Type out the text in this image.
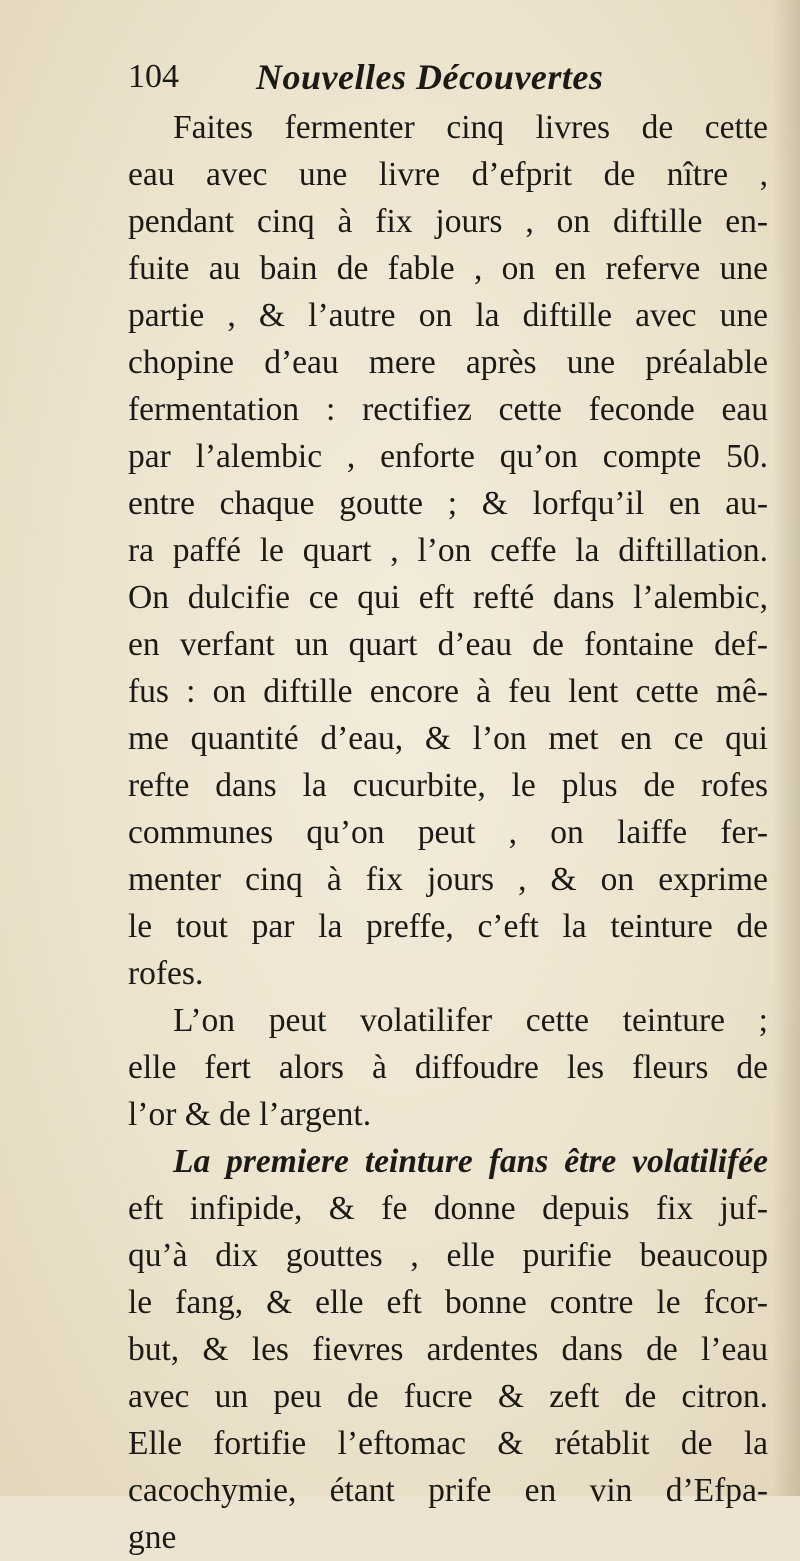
104 Nouvelles Découvertes
Faites fermenter cinq livres de cette
eau avec une livre d’efprit de nître ,
pendant cinq à fix jours , on diftille en-
fuite au bain de fable , on en referve une
partie , & l’autre on la diftille avec une
chopine d’eau mere après une préalable
fermentation : rectifiez cette feconde eau
par l’alembic , enforte qu’on compte 50.
entre chaque goutte ; & lorfqu’il en au-
ra paffé le quart , l’on ceffe la diftillation.
On dulcifie ce qui eft refté dans l’alembic,
en verfant un quart d’eau de fontaine def-
fus : on diftille encore à feu lent cette mê-
me quantité d’eau, & l’on met en ce qui
refte dans la cucurbite, le plus de rofes
communes qu’on peut , on laiffe fer-
menter cinq à fix jours , & on exprime
le tout par la preffe, c’eft la teinture de
rofes.
L’on peut volatilifer cette teinture ;
elle fert alors à diffoudre les fleurs de
l’or & de l’argent.
La premiere teinture fans être volatilifée
eft infipide, & fe donne depuis fix juf-
qu’à dix gouttes , elle purifie beaucoup
le fang, & elle eft bonne contre le fcor-
but, & les fievres ardentes dans de l’eau
avec un peu de fucre & zeft de citron.
Elle fortifie l’eftomac & rétablit de la
cacochymie, étant prife en vin d’Efpa-
gne
